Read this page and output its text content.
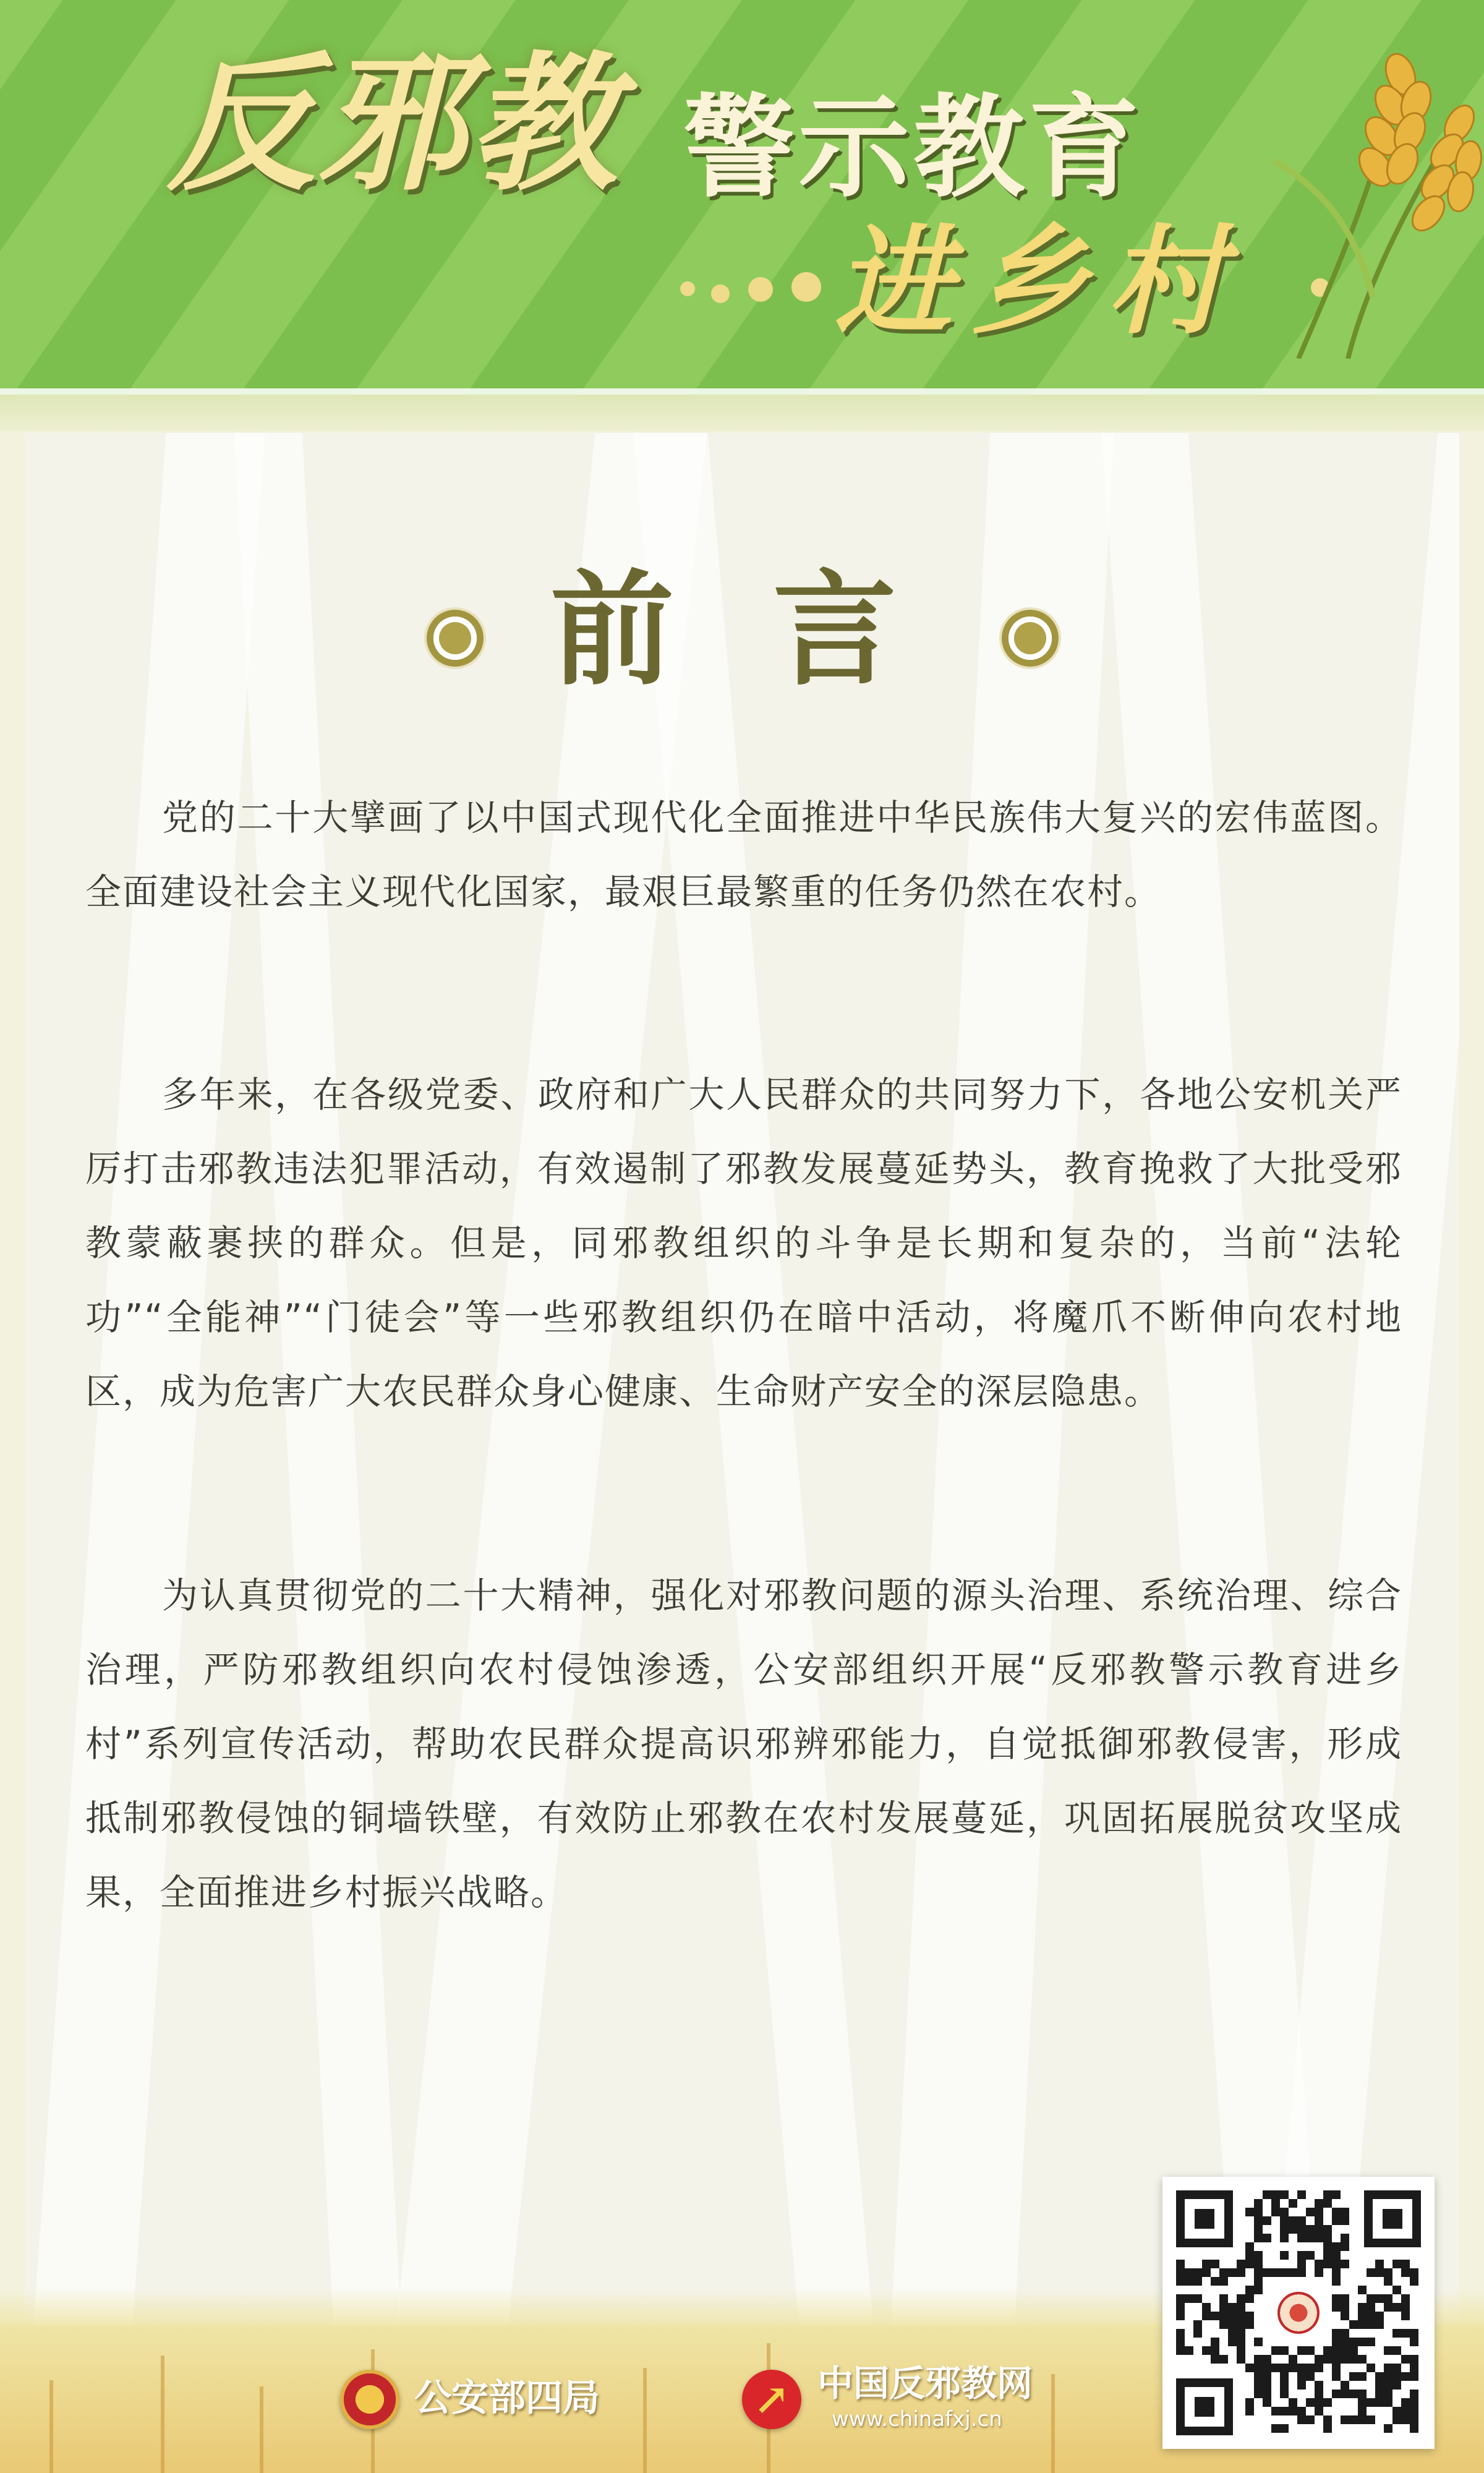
反邪教 警示教育
进乡村
前言

党的二十大擘画了以中国式现代化全面推进中华民族伟大复兴的宏伟蓝图。全面建设社会主义现代化国家，最艰巨最繁重的任务仍然在农村。

多年来，在各级党委、政府和广大人民群众的共同努力下，各地公安机关严厉打击邪教违法犯罪活动，有效遏制了邪教发展蔓延势头，教育挽救了大批受邪教蒙蔽裹挟的群众。但是，同邪教组织的斗争是长期和复杂的，当前“法轮功”“全能神”“门徒会”等一些邪教组织仍在暗中活动，将魔爪不断伸向农村地区，成为危害广大农民群众身心健康、生命财产安全的深层隐患。

为认真贯彻党的二十大精神，强化对邪教问题的源头治理、系统治理、综合治理，严防邪教组织向农村侵蚀渗透，公安部组织开展“反邪教警示教育进乡村”系列宣传活动，帮助农民群众提高识邪辨邪能力，自觉抵御邪教侵害，形成抵制邪教侵蚀的铜墙铁壁，有效防止邪教在农村发展蔓延，巩固拓展脱贫攻坚成果，全面推进乡村振兴战略。

公安部四局	↗ 中国反邪教网
www.chinafxj.cn
